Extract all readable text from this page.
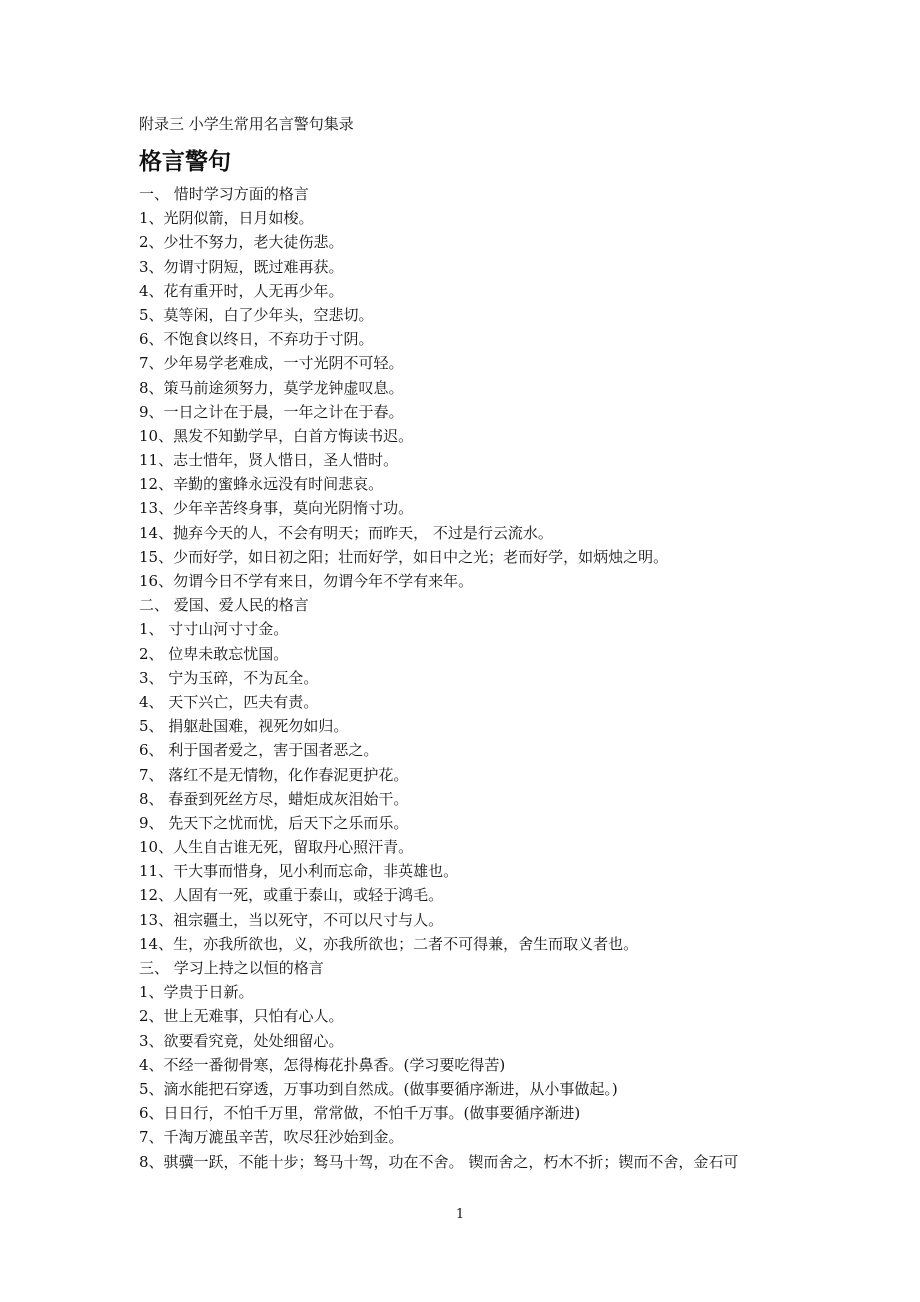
附录三 小学生常用名言警句集录
格言警句
一、 惜时学习方面的格言
1、光阴似箭，日月如梭。
2、少壮不努力，老大徒伤悲。
3、勿谓寸阴短，既过难再获。
4、花有重开时，人无再少年。
5、莫等闲，白了少年头，空悲切。
6、不饱食以终日，不弃功于寸阴。
7、少年易学老难成，一寸光阴不可轻。
8、策马前途须努力，莫学龙钟虚叹息。
9、一日之计在于晨，一年之计在于春。
10、黑发不知勤学早，白首方悔读书迟。
11、志士惜年，贤人惜日，圣人惜时。
12、辛勤的蜜蜂永远没有时间悲哀。
13、少年辛苦终身事，莫向光阴惰寸功。
14、抛弃今天的人，不会有明天；而昨天， 不过是行云流水。
15、少而好学，如日初之阳；壮而好学，如日中之光；老而好学，如炳烛之明。
16、勿谓今日不学有来日，勿谓今年不学有来年。
二、 爱国、爱人民的格言
1、 寸寸山河寸寸金。
2、 位卑未敢忘忧国。
3、 宁为玉碎，不为瓦全。
4、 天下兴亡，匹夫有责。
5、 捐躯赴国难，视死勿如归。
6、 利于国者爱之，害于国者恶之。
7、 落红不是无情物，化作春泥更护花。
8、 春蚕到死丝方尽，蜡炬成灰泪始干。
9、 先天下之忧而忧，后天下之乐而乐。
10、人生自古谁无死，留取丹心照汗青。
11、干大事而惜身，见小利而忘命，非英雄也。
12、人固有一死，或重于泰山，或轻于鸿毛。
13、祖宗疆土，当以死守，不可以尺寸与人。
14、生，亦我所欲也，义，亦我所欲也；二者不可得兼，舍生而取义者也。
三、 学习上持之以恒的格言
1、学贵于日新。
2、世上无难事，只怕有心人。
3、欲要看究竟，处处细留心。
4、不经一番彻骨寒，怎得梅花扑鼻香。(学习要吃得苦)
5、滴水能把石穿透，万事功到自然成。(做事要循序渐进，从小事做起。)
6、日日行，不怕千万里，常常做，不怕千万事。(做事要循序渐进)
7、千淘万漉虽辛苦，吹尽狂沙始到金。
8、骐骥一跃，不能十步；驽马十驾，功在不舍。 锲而舍之，朽木不折；锲而不舍，金石可
1
